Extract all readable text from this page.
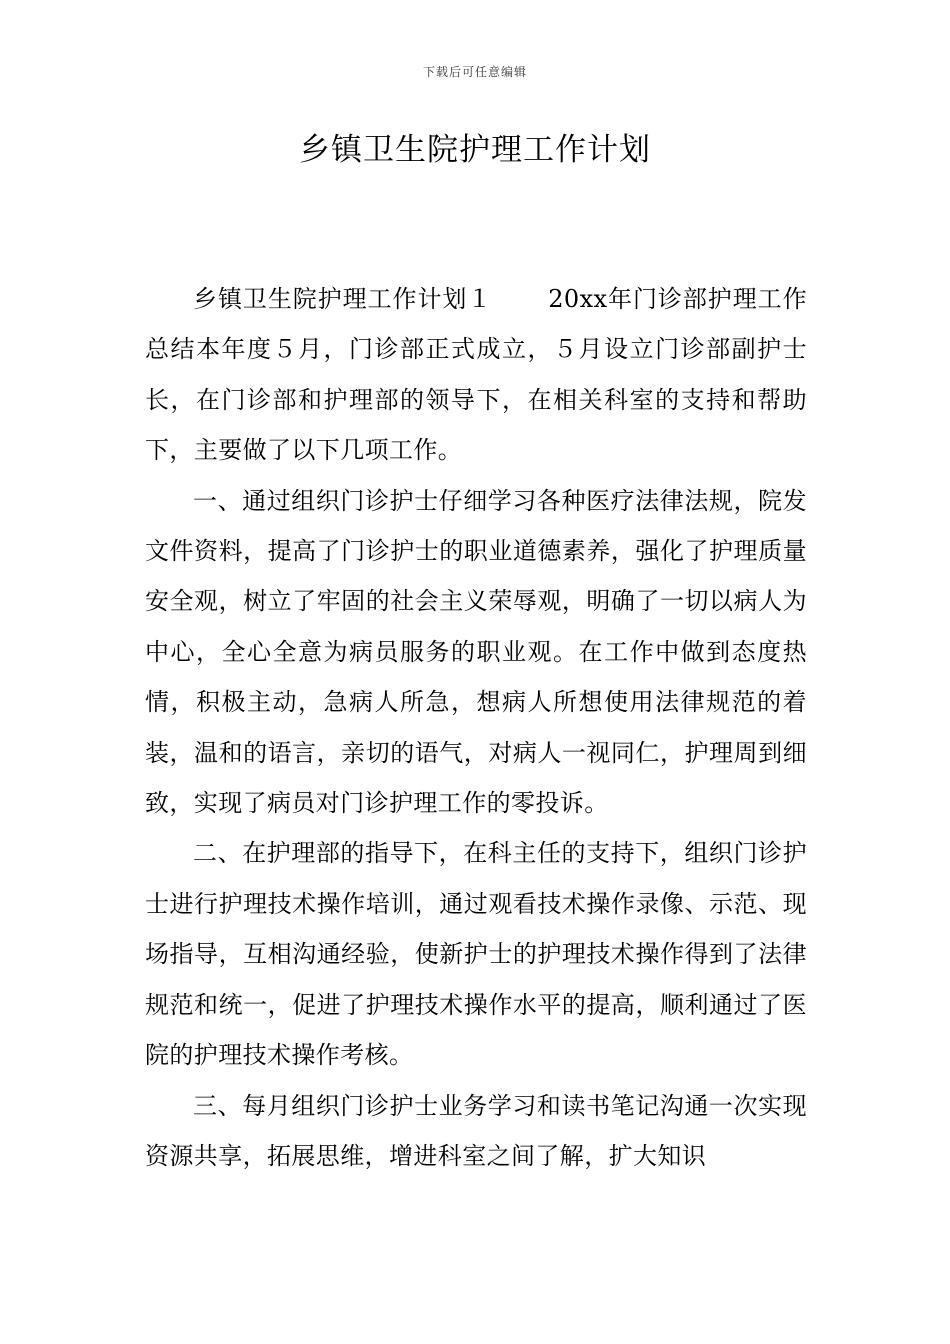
下载后可任意编辑
乡镇卫生院护理工作计划

乡镇卫生院护理工作计划１ 20xx年门诊部护理工作总结本年度５月，门诊部正式成立，５月设立门诊部副护士长，在门诊部和护理部的领导下，在相关科室的支持和帮助下，主要做了以下几项工作。

一、通过组织门诊护士仔细学习各种医疗法律法规，院发文件资料，提高了门诊护士的职业道德素养，强化了护理质量安全观，树立了牢固的社会主义荣辱观，明确了一切以病人为中心，全心全意为病员服务的职业观。在工作中做到态度热情，积极主动，急病人所急，想病人所想使用法律规范的着装，温和的语言，亲切的语气，对病人一视同仁，护理周到细致，实现了病员对门诊护理工作的零投诉。

二、在护理部的指导下，在科主任的支持下，组织门诊护士进行护理技术操作培训，通过观看技术操作录像、示范、现场指导，互相沟通经验，使新护士的护理技术操作得到了法律规范和统一，促进了护理技术操作水平的提高，顺利通过了医院的护理技术操作考核。

三、每月组织门诊护士业务学习和读书笔记沟通一次实现资源共享，拓展思维，增进科室之间了解，扩大知识
